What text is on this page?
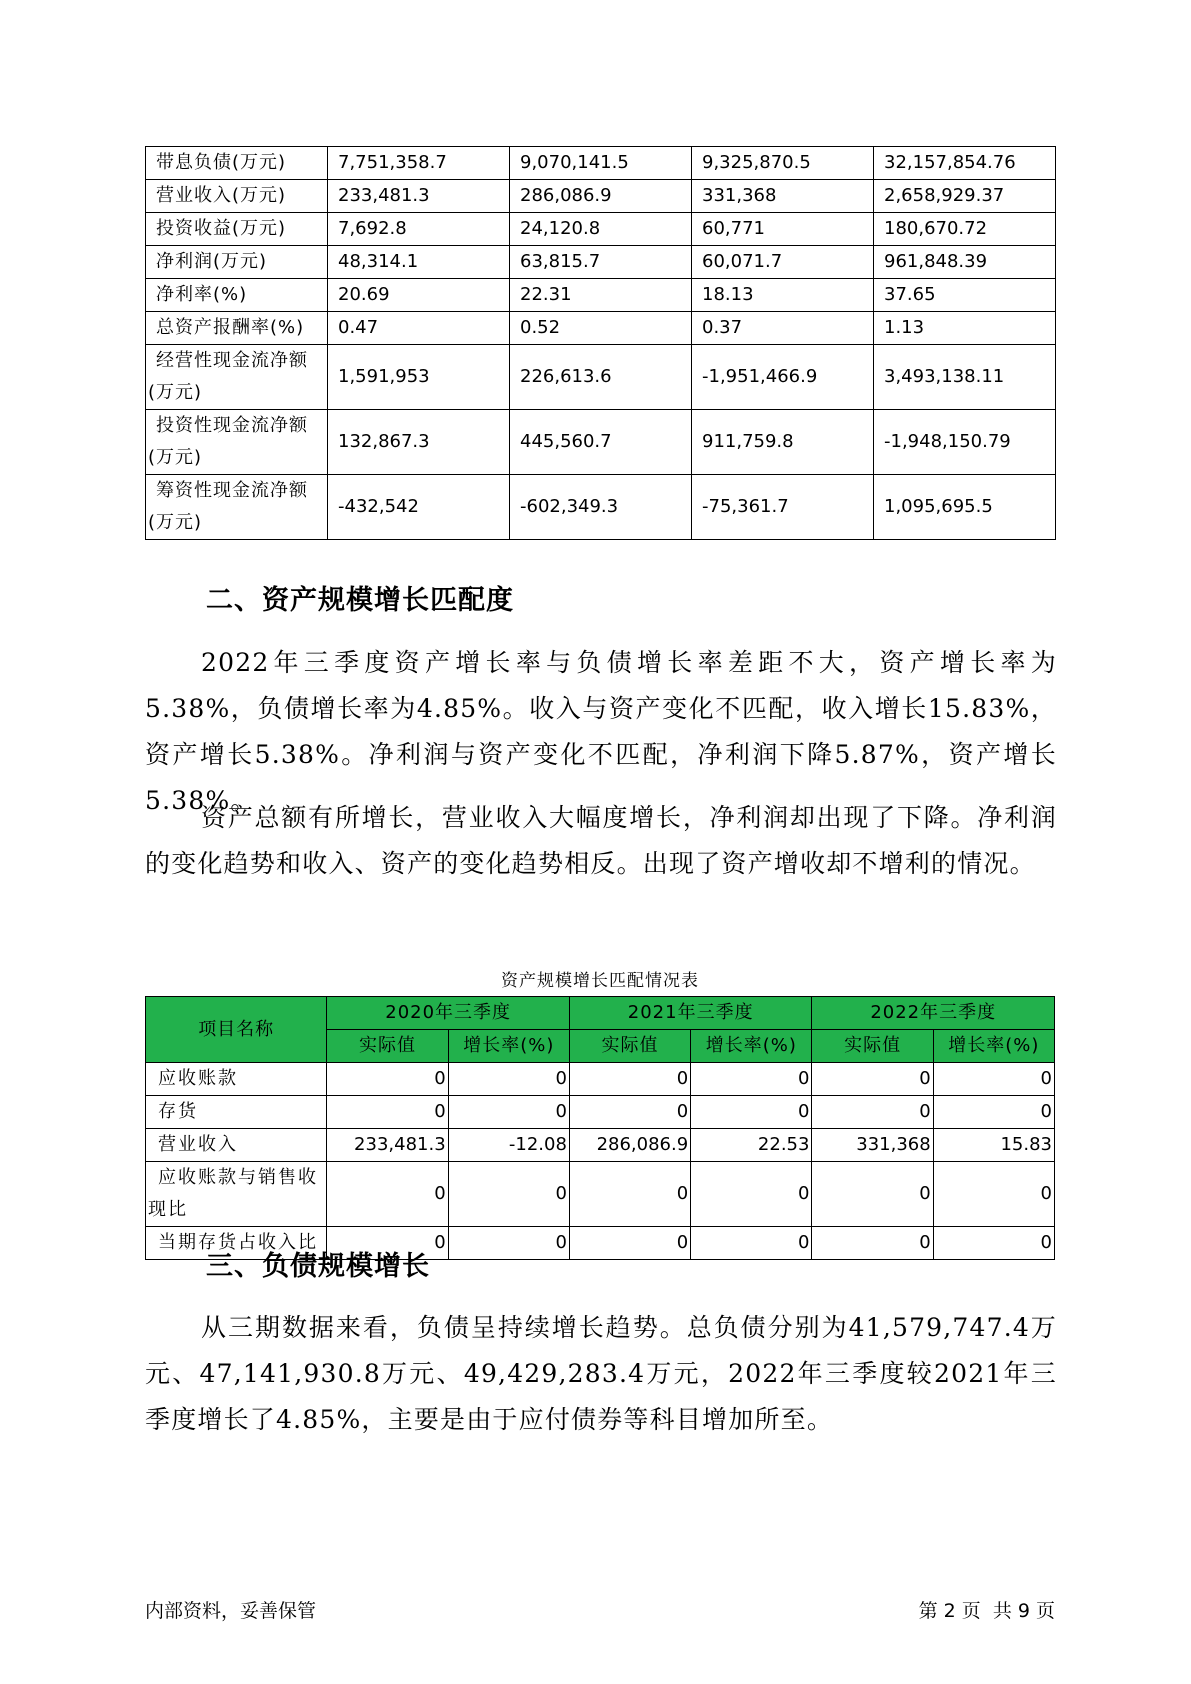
带息负债(万元)	7,751,358.7	9,070,141.5	9,325,870.5	32,157,854.76
营业收入(万元)	233,481.3	286,086.9	331,368	2,658,929.37
投资收益(万元)	7,692.8	24,120.8	60,771	180,670.72
净利润(万元)	48,314.1	63,815.7	60,071.7	961,848.39
净利率(%)	20.69	22.31	18.13	37.65
总资产报酬率(%)	0.47	0.52	0.37	1.13

经营性现金流净额
(万元)	1,591,953	226,613.6	-1,951,466.9	3,493,138.11

投资性现金流净额
(万元)	132,867.3	445,560.7	911,759.8	-1,948,150.79

筹资性现金流净额
(万元)	-432,542	-602,349.3	-75,361.7	1,095,695.5
二、资产规模增长匹配度

2022年三季度资产增长率与负债增长率差距不大，资产增长率为5.38%，负债增长率为4.85%。收入与资产变化不匹配，收入增长15.83%，资产增长5.38%。净利润与资产变化不匹配，净利润下降5.87%，资产增长5.38%。

资产总额有所增长，营业收入大幅度增长，净利润却出现了下降。净利润的变化趋势和收入、资产的变化趋势相反。出现了资产增收却不增利的情况。

资产规模增长匹配情况表
项目名称	2020年三季度		2021年三季度		2022年三季度	
	实际值	增长率(%)	实际值	增长率(%)	实际值	增长率(%)
应收账款	0	0	0	0	0	0
存货	0	0	0	0	0	0
营业收入	233,481.3	-12.08	286,086.9	22.53	331,368	15.83

应收账款与销售收
现比	0	0	0	0	0	0
当期存货占收入比	0	0	0	0	0	0
三、负债规模增长

从三期数据来看，负债呈持续增长趋势。总负债分别为41,579,747.4万元、47,141,930.8万元、49,429,283.4万元，2022年三季度较2021年三季度增长了4.85%，主要是由于应付债券等科目增加所至。

内部资料，妥善保管	第 2 页  共 9 页
